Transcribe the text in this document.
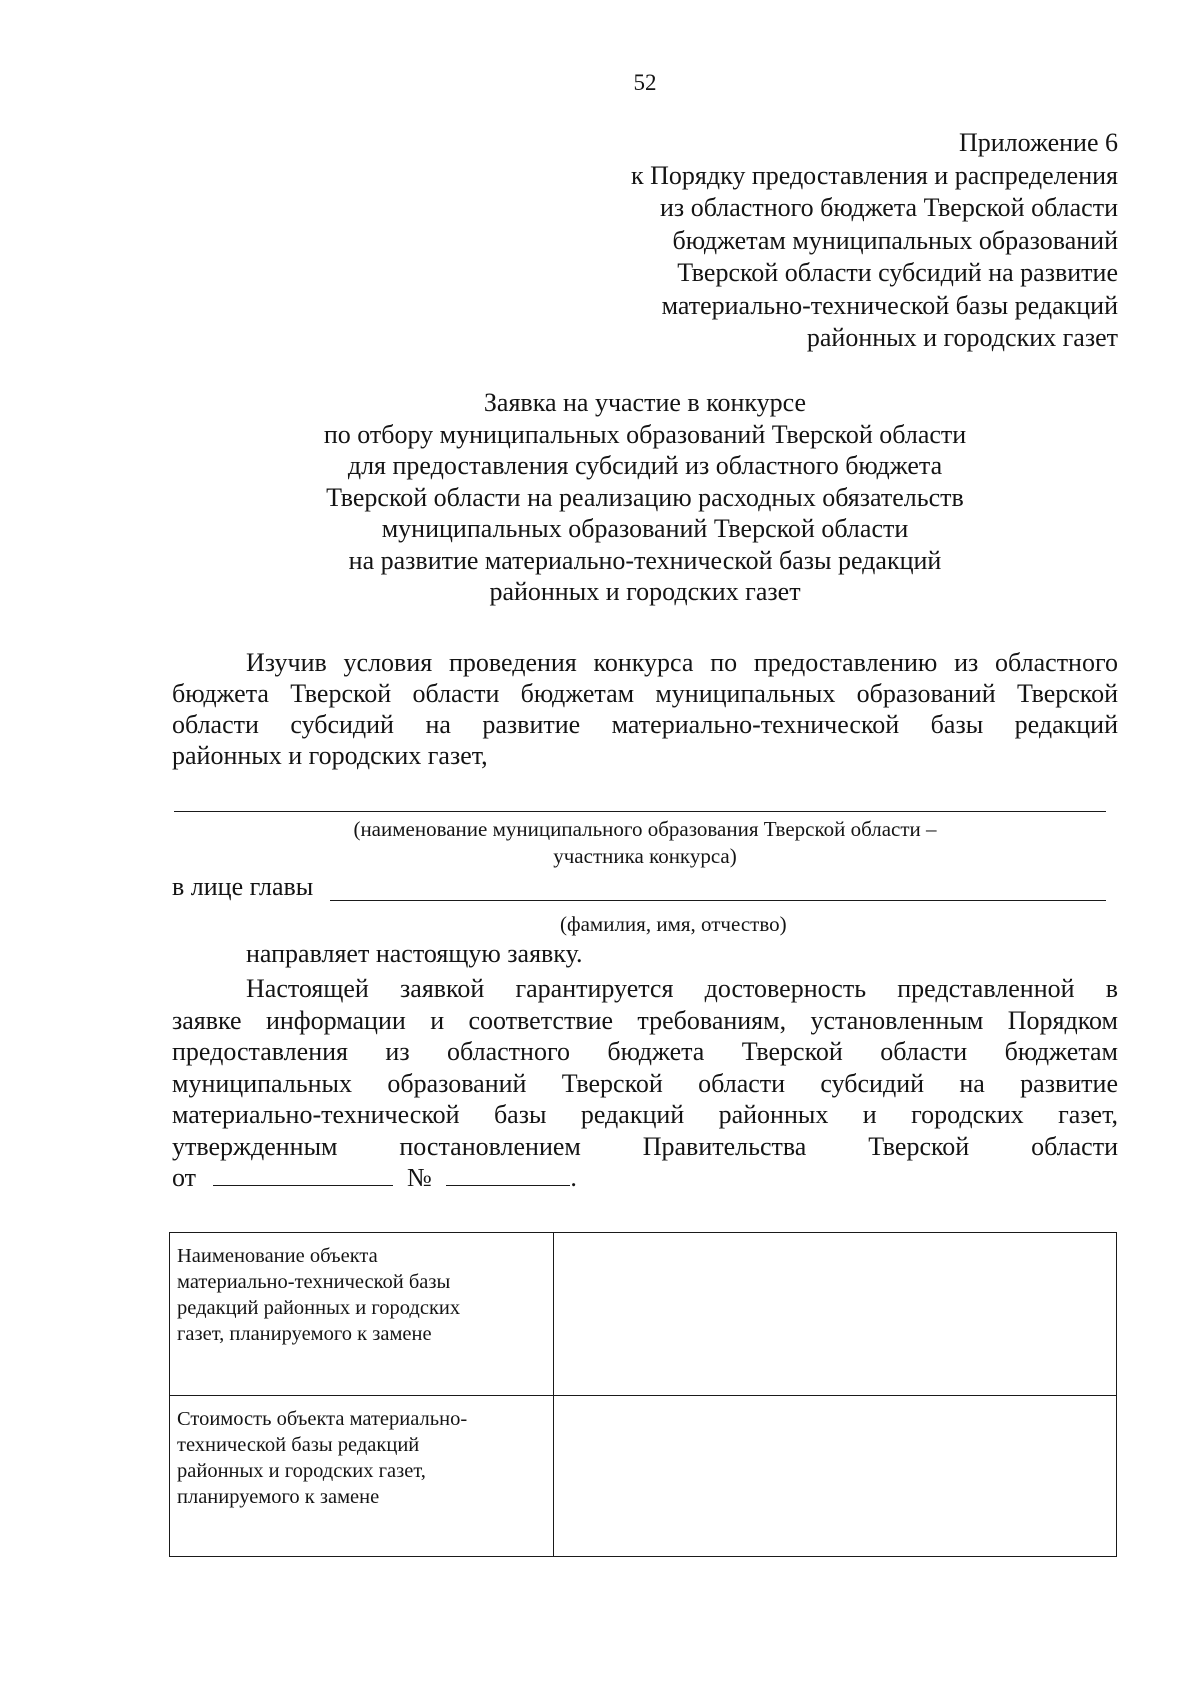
52
Приложение 6
к Порядку предоставления и распределения
из областного бюджета Тверской области
бюджетам муниципальных образований
Тверской области субсидий на развитие
материально-технической базы редакций
районных и городских газет
Заявка на участие в конкурсе
по отбору муниципальных образований Тверской области
для предоставления субсидий из областного бюджета
Тверской области на реализацию расходных обязательств
муниципальных образований Тверской области
на развитие материально-технической базы редакций
районных и городских газет
Изучив условия проведения конкурса по предоставлению из областного
бюджета Тверской области бюджетам муниципальных образований Тверской
области субсидий на развитие материально-технической базы редакций
районных и городских газет,
(наименование муниципального образования Тверской области –
участника конкурса)
в лице главы
(фамилия, имя, отчество)
направляет настоящую заявку.
Настоящей заявкой гарантируется достоверность представленной в
заявке информации и соответствие требованиям, установленным Порядком
предоставления из областного бюджета Тверской области бюджетам
муниципальных образований Тверской области субсидий на развитие
материально-технической базы редакций районных и городских газет,
утвержденным постановлением Правительства Тверской области
от	№	.
Наименование объекта
материально-технической базы
редакций районных и городских
газет, планируемого к замене	

Стоимость объекта материально-
технической базы редакций
районных и городских газет,
планируемого к замене	
